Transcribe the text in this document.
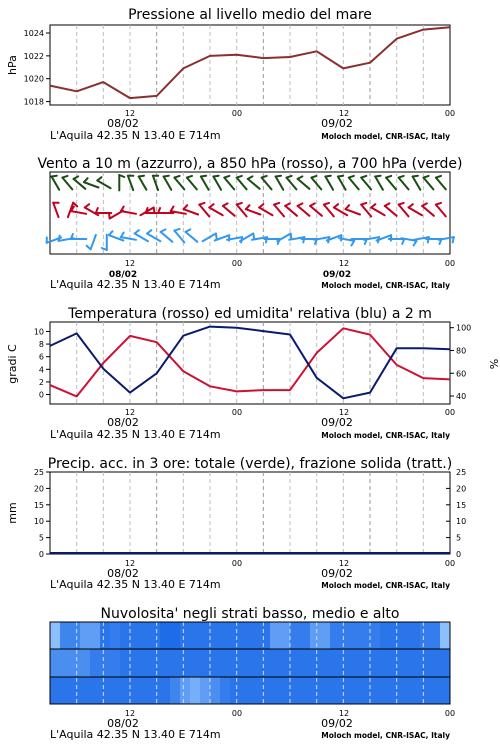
Pressione al livello medio del mare
1018
1020
1022
1024
hPa
12	00	12	00
08/02	09/02
L'Aquila 42.35 N 13.40 E 714m	Moloch model, CNR-ISAC, Italy
Vento a 10 m (azzurro), a 850 hPa (rosso), a 700 hPa (verde)
12	00	12	00
08/02	09/02
L'Aquila 42.35 N 13.40 E 714m	Moloch model, CNR-ISAC, Italy
Temperatura (rosso) ed umidita' relativa (blu) a 2 m
0
2
4
6
8
10
40
60
80
100
gradi C	%
12	00	12	00
08/02	09/02
L'Aquila 42.35 N 13.40 E 714m	Moloch model, CNR-ISAC, Italy
Precip. acc. in 3 ore: totale (verde), frazione solida (tratt.)
0
5
10
15
20
25
0
5
10
15
20
25
mm
12	00	12	00
08/02	09/02
L'Aquila 42.35 N 13.40 E 714m	Moloch model, CNR-ISAC, Italy
Nuvolosita' negli strati basso, medio e alto
12	00	12	00
08/02	09/02
L'Aquila 42.35 N 13.40 E 714m	Moloch model, CNR-ISAC, Italy
